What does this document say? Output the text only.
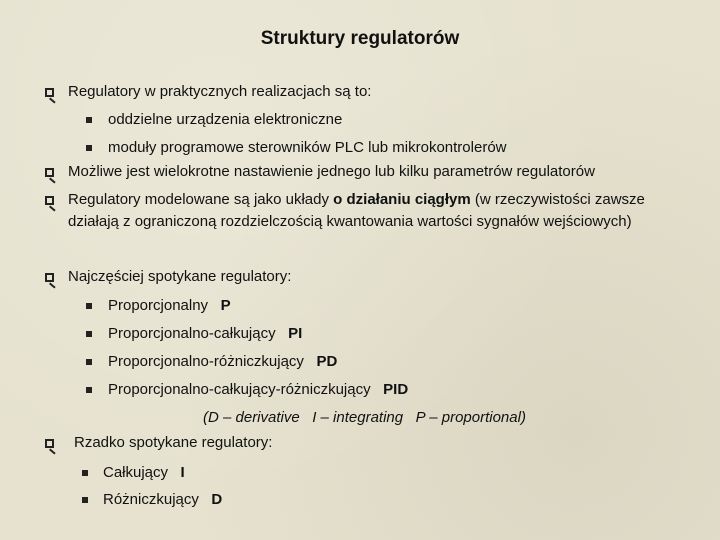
Struktury regulatorów
Regulatory w praktycznych realizacjach są to:
oddzielne urządzenia elektroniczne
moduły programowe sterowników PLC lub mikrokontrolerów
Możliwe jest wielokrotne nastawienie jednego lub kilku parametrów regulatorów
Regulatory modelowane są jako układy o działaniu ciągłym (w rzeczywistości zawsze
działają z ograniczoną rozdzielczością kwantowania wartości sygnałów wejściowych)
Najczęściej spotykane regulatory:
Proporcjonalny P
Proporcjonalno-całkujący PI
Proporcjonalno-różniczkujący PD
Proporcjonalno-całkujący-różniczkujący PID
(D – derivative   I – integrating   P – proportional)
Rzadko spotykane regulatory:
Całkujący I
Różniczkujący D
